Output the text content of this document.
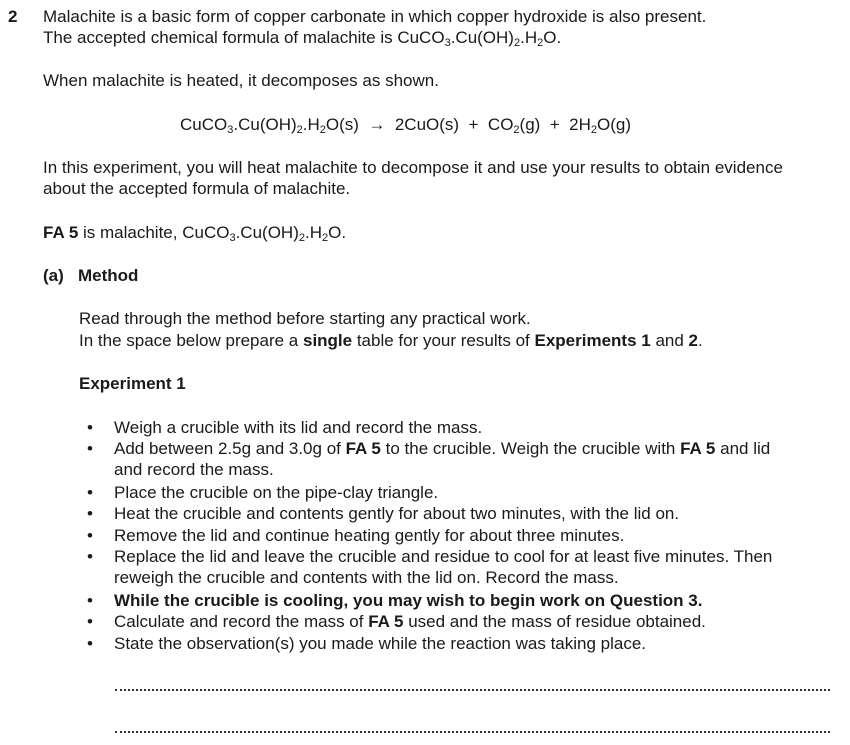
2 Malachite is a basic form of copper carbonate in which copper hydroxide is also present.
The accepted chemical formula of malachite is $CuCO_3.Cu(OH)_2.H_2O$.
When malachite is heated, it decomposes as shown.
$CuCO_3.Cu(OH)_2.H_2O(s) \to 2CuO(s) + CO_2(g) + 2H_2O(g)$
In this experiment, you will heat malachite to decompose it and use your results to obtain evidence
about the accepted formula of malachite.
FA 5 is malachite, $CuCO_3.Cu(OH)_2.H_2O$.
(a) Method
Read through the method before starting any practical work.
In the space below prepare a single table for your results of Experiments 1 and 2.
Experiment 1
• Weigh a crucible with its lid and record the mass.
• Add between 2.5g and 3.0g of FA 5 to the crucible. Weigh the crucible with FA 5 and lid
and record the mass.
• Place the crucible on the pipe-clay triangle.
• Heat the crucible and contents gently for about two minutes, with the lid on.
• Remove the lid and continue heating gently for about three minutes.
• Replace the lid and leave the crucible and residue to cool for at least five minutes. Then
reweigh the crucible and contents with the lid on. Record the mass.
• While the crucible is cooling, you may wish to begin work on Question 3.
• Calculate and record the mass of FA 5 used and the mass of residue obtained.
• State the observation(s) you made while the reaction was taking place.
